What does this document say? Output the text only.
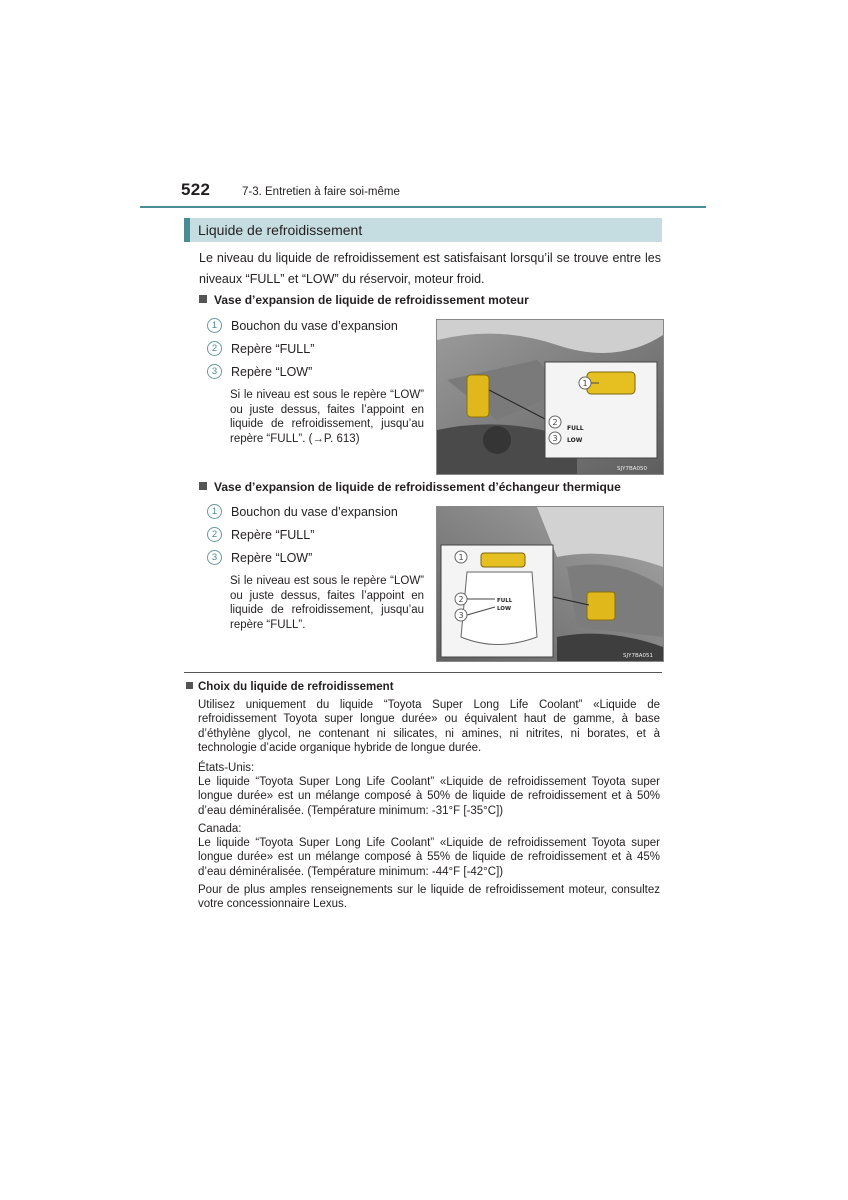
522	7-3. Entretien à faire soi-même
Liquide de refroidissement
Le niveau du liquide de refroidissement est satisfaisant lorsqu’il se trouve entre les niveaux “FULL” et “LOW” du réservoir, moteur froid.
Vase d’expansion de liquide de refroidissement moteur
1	Bouchon du vase d’expansion
2	Repère “FULL”
3	Repère “LOW”
Si le niveau est sous le repère “LOW” ou juste dessus, faites l’appoint en liquide de refroidissement, jusqu’au repère “FULL”. (→P. 613)
1
2
3
FULL
LOW
SJY7BA050
Vase d’expansion de liquide de refroidissement d’échangeur thermique
1	Bouchon du vase d’expansion
2	Repère “FULL”
3	Repère “LOW”
Si le niveau est sous le repère “LOW” ou juste dessus, faites l’appoint en liquide de refroidissement, jusqu’au repère “FULL”.
1
2
3
FULL
LOW
SJY7BA051
Choix du liquide de refroidissement
Utilisez uniquement du liquide “Toyota Super Long Life Coolant” «Liquide de refroidissement Toyota super longue durée» ou équivalent haut de gamme, à base d’éthylène glycol, ne contenant ni silicates, ni amines, ni nitrites, ni borates, et à technologie d’acide organique hybride de longue durée.
États-Unis:
Le liquide “Toyota Super Long Life Coolant” «Liquide de refroidissement Toyota super longue durée» est un mélange composé à 50% de liquide de refroidissement et à 50% d’eau déminéralisée. (Température minimum: -31°F [-35°C])
Canada:
Le liquide “Toyota Super Long Life Coolant” «Liquide de refroidissement Toyota super longue durée» est un mélange composé à 55% de liquide de refroidissement et à 45% d’eau déminéralisée. (Température minimum: -44°F [-42°C])
Pour de plus amples renseignements sur le liquide de refroidissement moteur, consultez votre concessionnaire Lexus.
